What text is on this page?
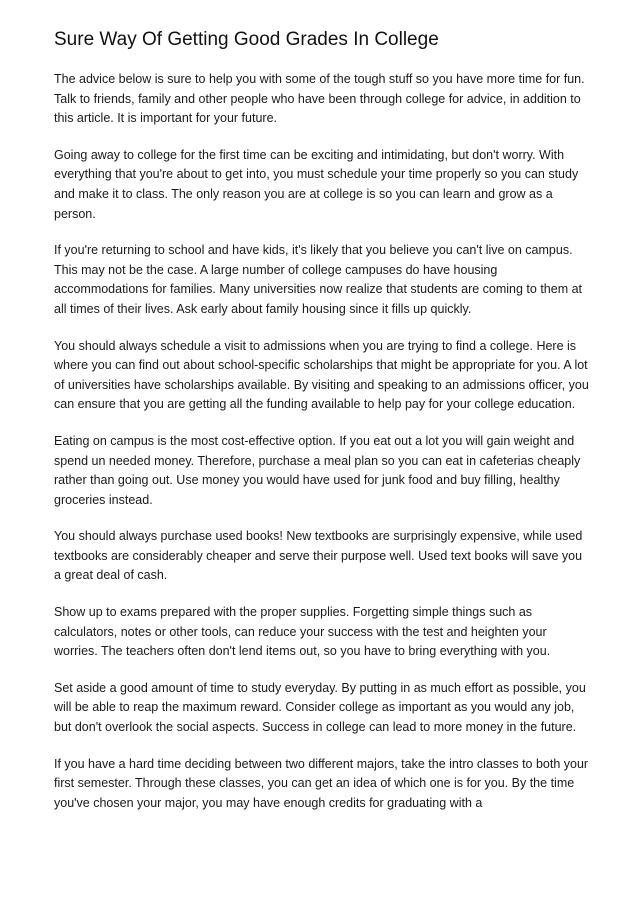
Sure Way Of Getting Good Grades In College

The advice below is sure to help you with some of the tough stuff so you have more time for fun. Talk to friends, family and other people who have been through college for advice, in addition to this article. It is important for your future.

Going away to college for the first time can be exciting and intimidating, but don't worry. With everything that you're about to get into, you must schedule your time properly so you can study and make it to class. The only reason you are at college is so you can learn and grow as a person.

If you're returning to school and have kids, it's likely that you believe you can't live on campus. This may not be the case. A large number of college campuses do have housing accommodations for families. Many universities now realize that students are coming to them at all times of their lives. Ask early about family housing since it fills up quickly.

You should always schedule a visit to admissions when you are trying to find a college. Here is where you can find out about school-specific scholarships that might be appropriate for you. A lot of universities have scholarships available. By visiting and speaking to an admissions officer, you can ensure that you are getting all the funding available to help pay for your college education.

Eating on campus is the most cost-effective option. If you eat out a lot you will gain weight and spend un needed money. Therefore, purchase a meal plan so you can eat in cafeterias cheaply rather than going out. Use money you would have used for junk food and buy filling, healthy groceries instead.

You should always purchase used books! New textbooks are surprisingly expensive, while used textbooks are considerably cheaper and serve their purpose well. Used text books will save you a great deal of cash.

Show up to exams prepared with the proper supplies. Forgetting simple things such as calculators, notes or other tools, can reduce your success with the test and heighten your worries. The teachers often don't lend items out, so you have to bring everything with you.

Set aside a good amount of time to study everyday. By putting in as much effort as possible, you will be able to reap the maximum reward. Consider college as important as you would any job, but don't overlook the social aspects. Success in college can lead to more money in the future.

If you have a hard time deciding between two different majors, take the intro classes to both your first semester. Through these classes, you can get an idea of which one is for you. By the time you've chosen your major, you may have enough credits for graduating with a
